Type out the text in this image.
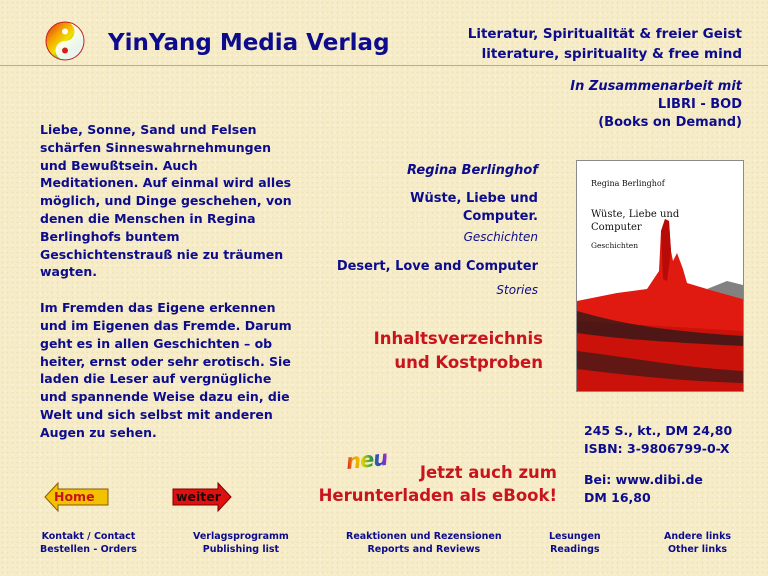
YinYang Media Verlag	Literatur, Spiritualität & freier Geist
literature, spirituality & free mind
In Zusammenarbeit mit
LIBRI - BOD
(Books on Demand)

Liebe, Sonne, Sand und Felsen schärfen Sinneswahrnehmungen und Bewußtsein. Auch Meditationen. Auf einmal wird alles möglich, und Dinge geschehen, von denen die Menschen in Regina Berlinghofs buntem Geschichtenstrauß nie zu träumen wagten.

Im Fremden das Eigene erkennen und im Eigenen das Fremde. Darum geht es in allen Geschichten – ob heiter, ernst oder sehr erotisch. Sie laden die Leser auf vergnügliche und spannende Weise dazu ein, die Welt und sich selbst mit anderen Augen zu sehen.

Regina Berlinghof
Wüste, Liebe und
Computer.
Geschichten
Desert, Love and Computer
Stories
Inhaltsverzeichnis
und Kostproben
Regina Berlinghof
Wüste, Liebe und
Computer
Geschichten
245 S., kt., DM 24,80
ISBN: 3-9806799-0-X
Bei: www.dibi.de
DM 16,80
neu	Jetzt auch zum
Herunterladen als eBook!
Home	weiter
Kontakt / Contact
Bestellen - Orders
Verlagsprogramm
Publishing list
Reaktionen und Rezensionen
Reports and Reviews
Lesungen
Readings
Andere links
Other links
